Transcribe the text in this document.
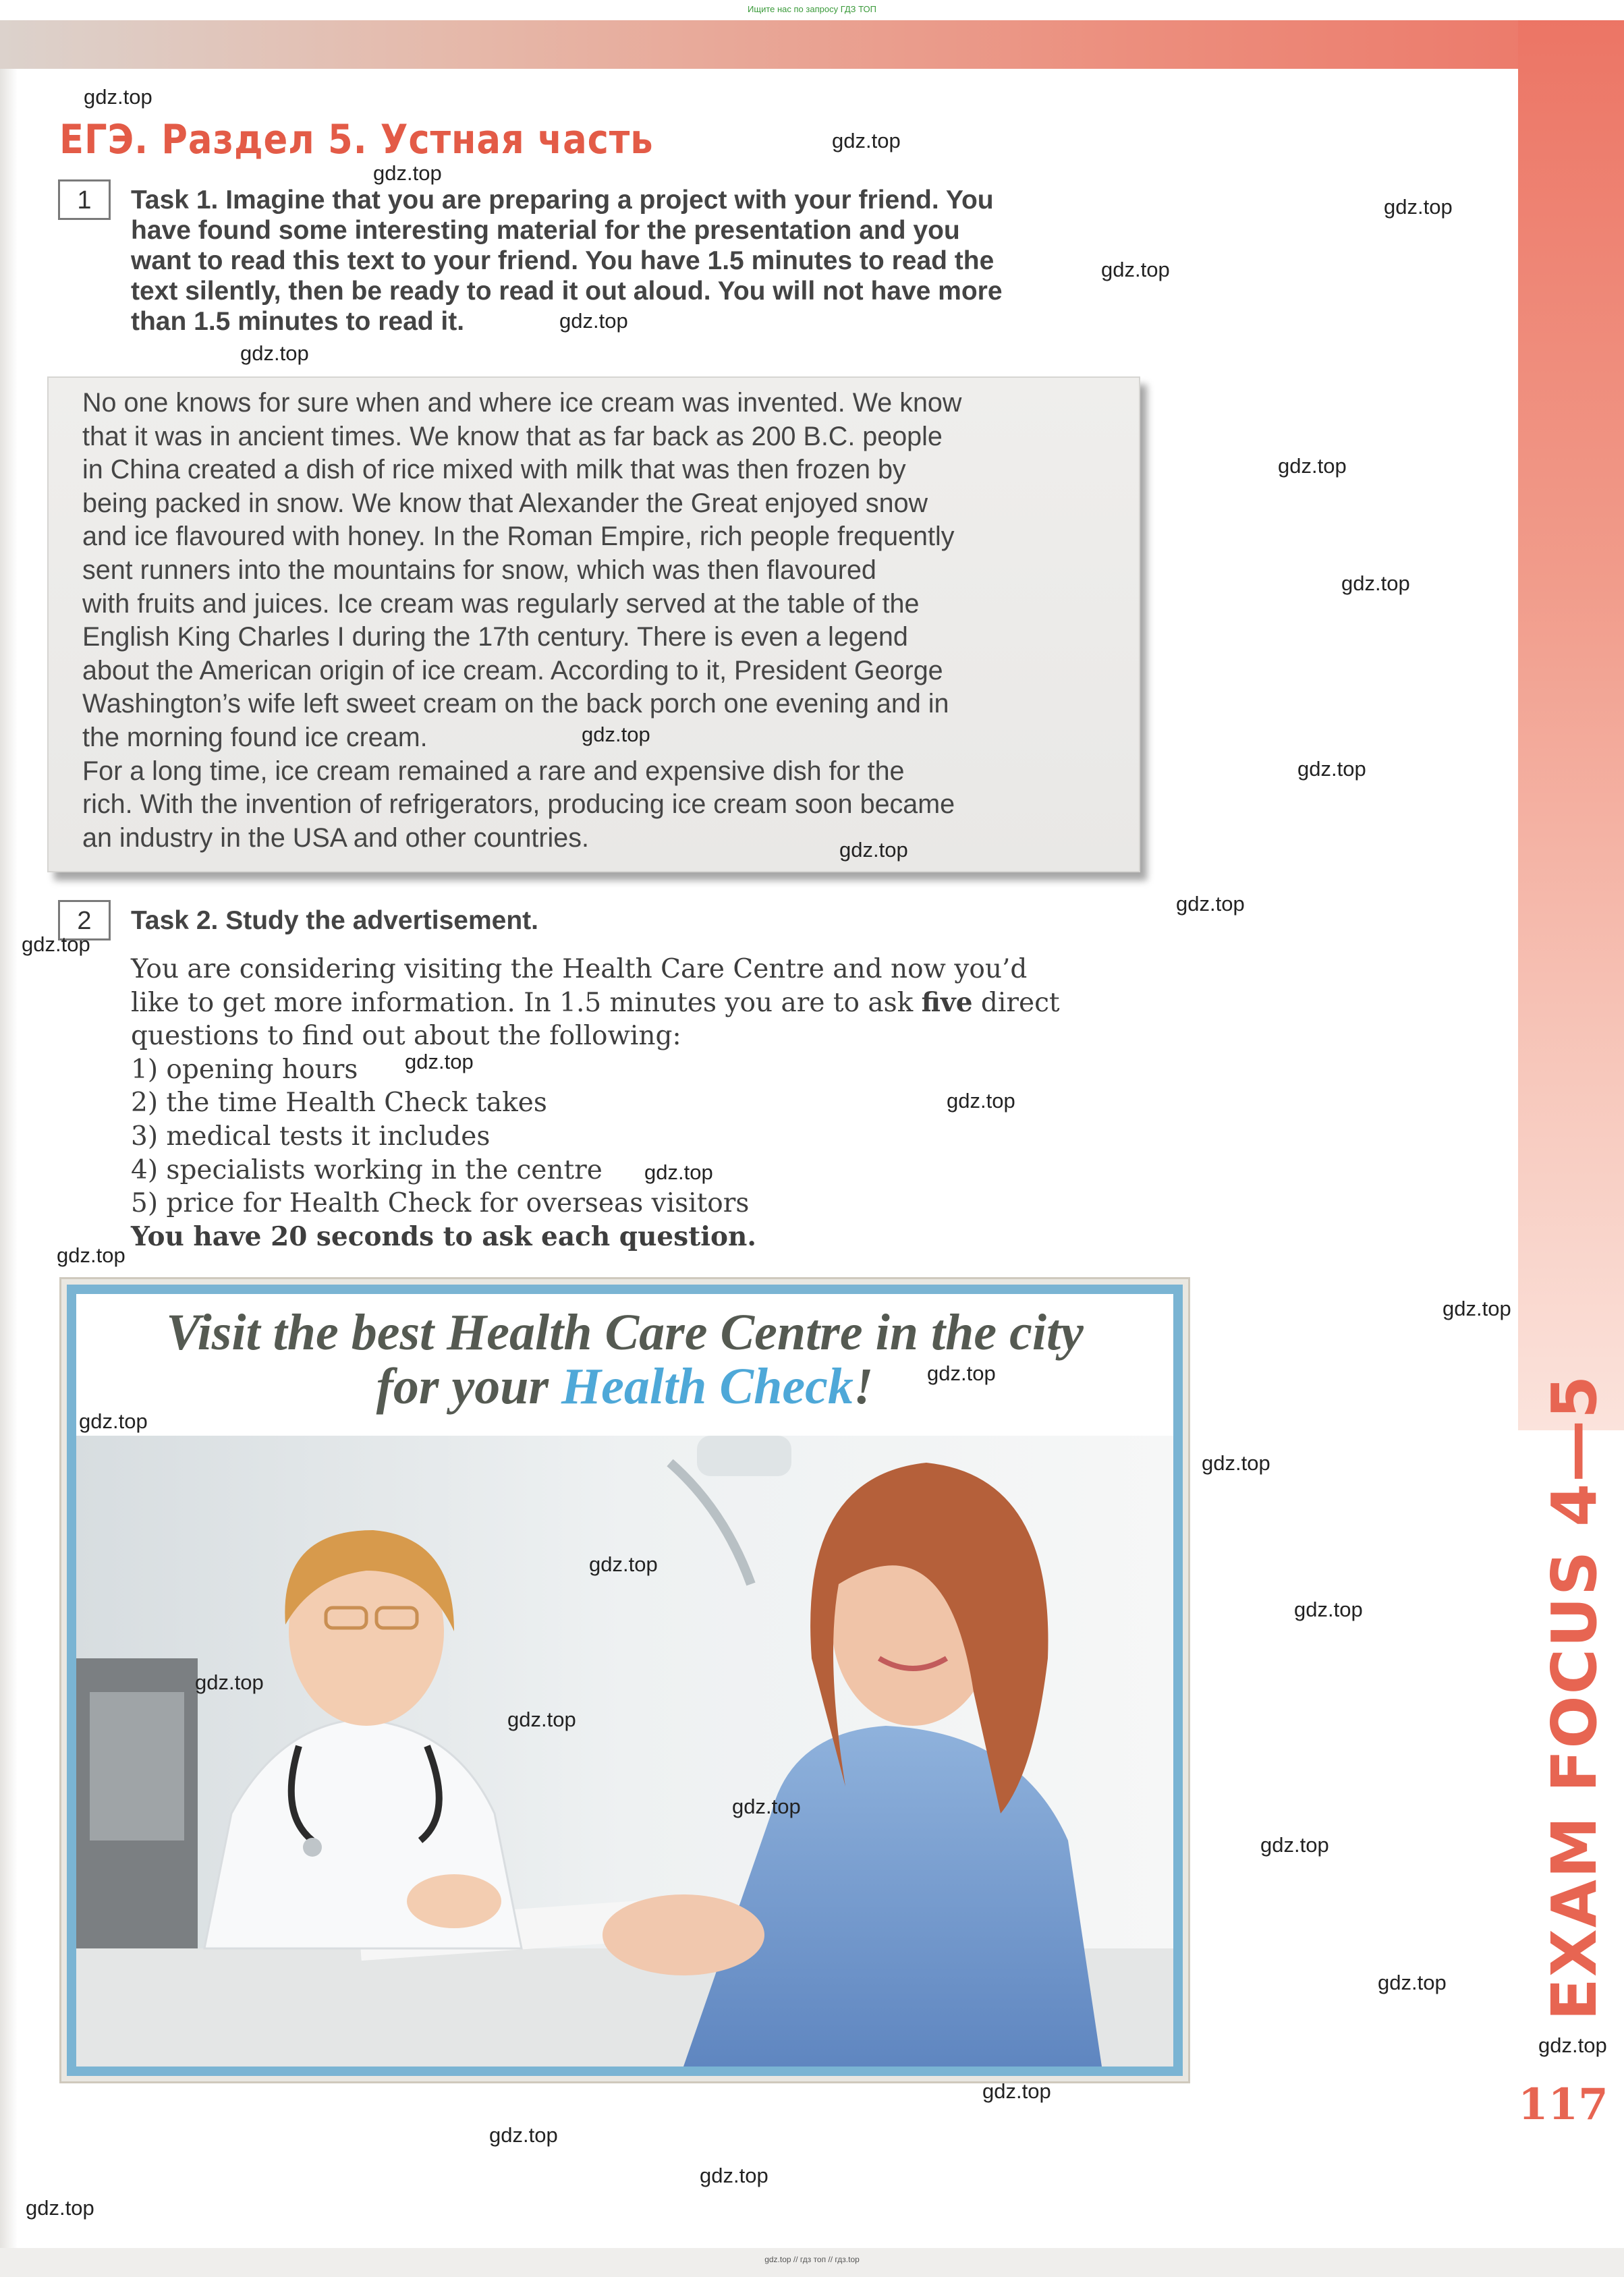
Ищите нас по запросу ГДЗ ТОП
ЕГЭ. Раздел 5. Устная часть
1	Task 1. Imagine that you are preparing a project with your friend. You
have found some interesting material for the presentation and you
want to read this text to your friend. You have 1.5 minutes to read the
text silently, then be ready to read it out aloud. You will not have more
than 1.5 minutes to read it.

No one knows for sure when and where ice cream was invented. We know

that it was in ancient times. We know that as far back as 200 B.C. people

in China created a dish of rice mixed with milk that was then frozen by

being packed in snow. We know that Alexander the Great enjoyed snow

and ice flavoured with honey. In the Roman Empire, rich people frequently

sent runners into the mountains for snow, which was then flavoured

with fruits and juices. Ice cream was regularly served at the table of the

English King Charles I during the 17th century. There is even a legend

about the American origin of ice cream. According to it, President George

Washington’s wife left sweet cream on the back porch one evening and in

the morning found ice cream.

For a long time, ice cream remained a rare and expensive dish for the

rich. With the invention of refrigerators, producing ice cream soon became

an industry in the USA and other countries.

2	Task 2. Study the advertisement.
You are considering visiting the Health Care Centre and now you’d
like to get more information. In 1.5 minutes you are to ask five direct
questions to find out about the following:
1) opening hours
2) the time Health Check takes
3) medical tests it includes
4) specialists working in the centre
5) price for Health Check for overseas visitors
You have 20 seconds to ask each question.
Visit the best Health Care Centre in the city
for your Health Check!	EXAM FOCUS 4—5
117
gdz.top // гдз топ // гдз.top
gdz.top
gdz.top
gdz.top
gdz.top
gdz.top
gdz.top
gdz.top
gdz.top
gdz.top
gdz.top
gdz.top
gdz.top
gdz.top
gdz.top
gdz.top
gdz.top
gdz.top
gdz.top
gdz.top
gdz.top
gdz.top
gdz.top
gdz.top
gdz.top
gdz.top
gdz.top
gdz.top
gdz.top
gdz.top
gdz.top
gdz.top
gdz.top
gdz.top
gdz.top
